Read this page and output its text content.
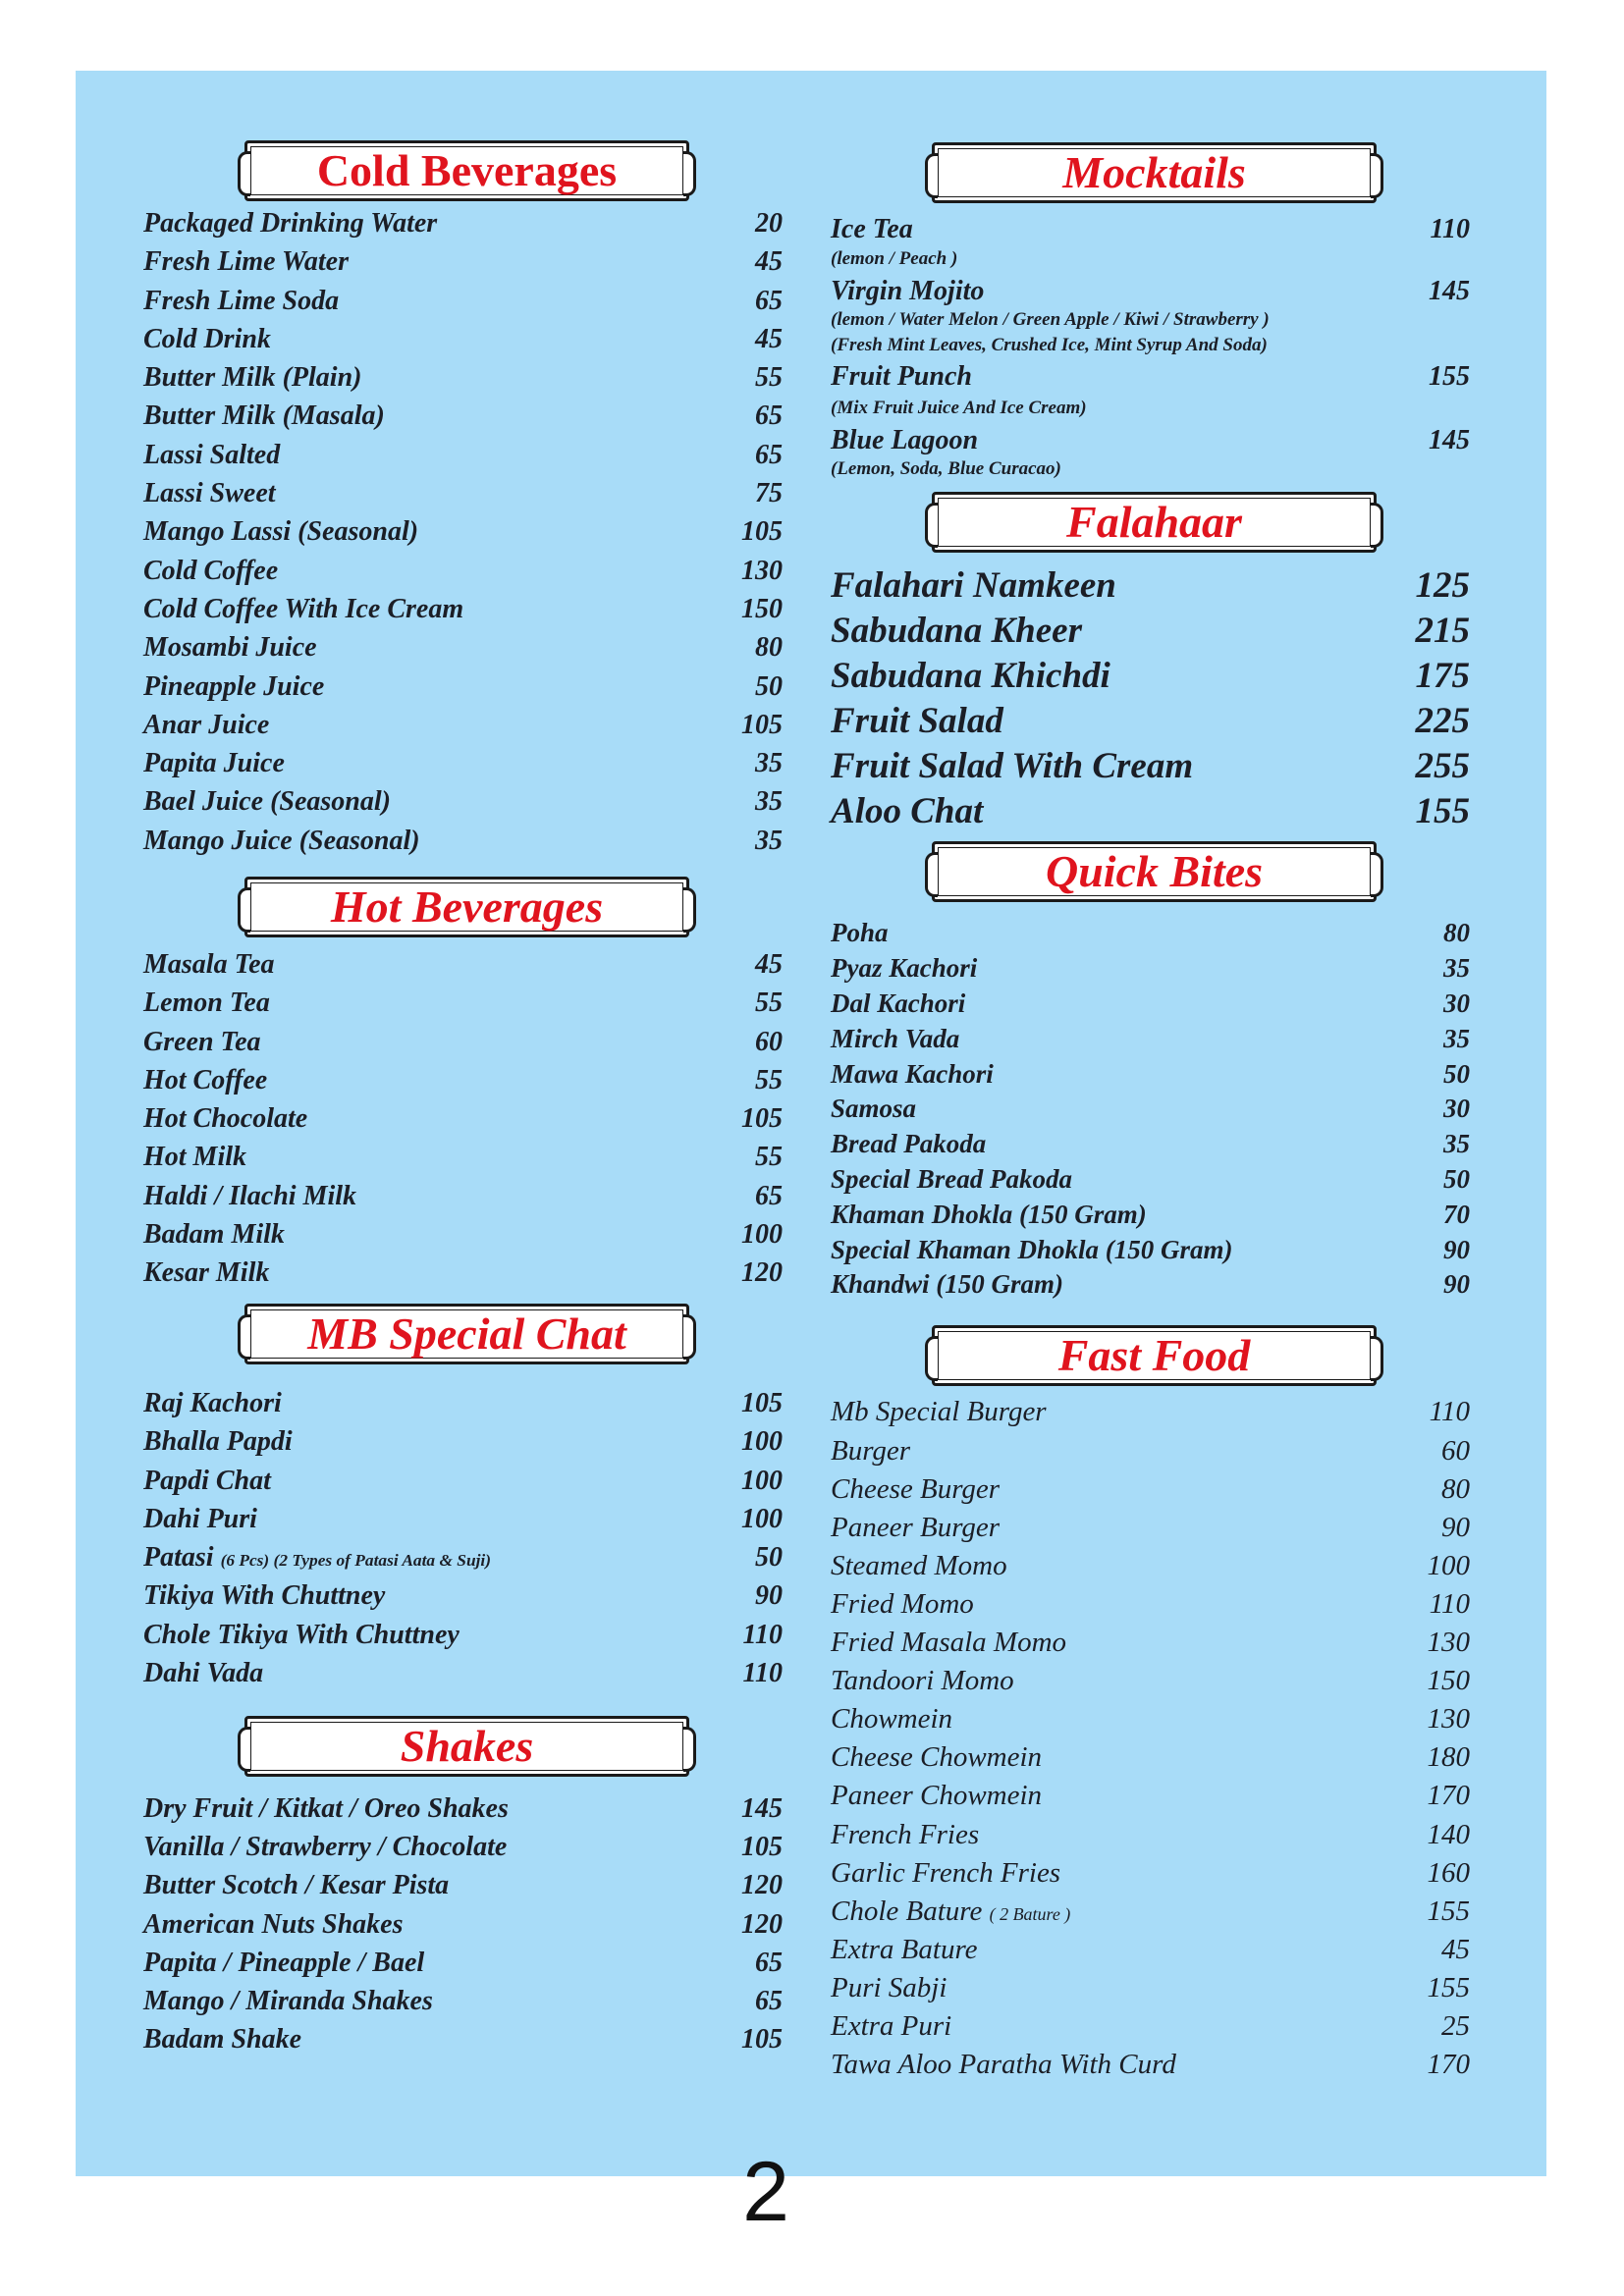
Cold Beverages
Packaged Drinking Water	20
Fresh Lime Water	45
Fresh Lime Soda	65
Cold Drink	45
Butter Milk (Plain)	55
Butter Milk (Masala)	65
Lassi Salted	65
Lassi Sweet	75
Mango Lassi (Seasonal)	105
Cold Coffee	130
Cold Coffee With Ice Cream	150
Mosambi Juice	80
Pineapple Juice	50
Anar Juice	105
Papita Juice	35
Bael Juice (Seasonal)	35
Mango Juice (Seasonal)	35
Hot Beverages
Masala Tea	45
Lemon Tea	55
Green Tea	60
Hot Coffee	55
Hot Chocolate	105
Hot Milk	55
Haldi / Ilachi Milk	65
Badam Milk	100
Kesar Milk	120
MB Special Chat
Raj Kachori	105
Bhalla Papdi	100
Papdi Chat	100
Dahi Puri	100
Patasi (6 Pcs) (2 Types of Patasi Aata & Suji)	50
Tikiya With Chuttney	90
Chole Tikiya With Chuttney	110
Dahi Vada	110
Shakes
Dry Fruit / Kitkat / Oreo Shakes	145
Vanilla / Strawberry / Chocolate	105
Butter Scotch / Kesar Pista	120
American Nuts Shakes	120
Papita / Pineapple / Bael	65
Mango / Miranda Shakes	65
Badam Shake	105
Mocktails
Ice Tea	110
(lemon / Peach )
Virgin Mojito	145
(lemon / Water Melon / Green Apple / Kiwi / Strawberry )
(Fresh Mint Leaves, Crushed Ice, Mint Syrup And Soda)
Fruit Punch	155
(Mix Fruit Juice And Ice Cream)
Blue Lagoon	145
(Lemon, Soda, Blue Curacao)
Falahaar
Falahari Namkeen	125
Sabudana Kheer	215
Sabudana Khichdi	175
Fruit Salad	225
Fruit Salad With Cream	255
Aloo Chat	155
Quick Bites
Poha	80
Pyaz Kachori	35
Dal Kachori	30
Mirch Vada	35
Mawa Kachori	50
Samosa	30
Bread Pakoda	35
Special Bread Pakoda	50
Khaman Dhokla (150 Gram)	70
Special Khaman Dhokla (150 Gram)	90
Khandwi (150 Gram)	90
Fast Food
Mb Special Burger	110
Burger	60
Cheese Burger	80
Paneer Burger	90
Steamed Momo	100
Fried Momo	110
Fried Masala Momo	130
Tandoori Momo	150
Chowmein	130
Cheese Chowmein	180
Paneer Chowmein	170
French Fries	140
Garlic French Fries	160
Chole Bature ( 2 Bature )	155
Extra Bature	45
Puri Sabji	155
Extra Puri	25
Tawa Aloo Paratha With Curd	170
2
